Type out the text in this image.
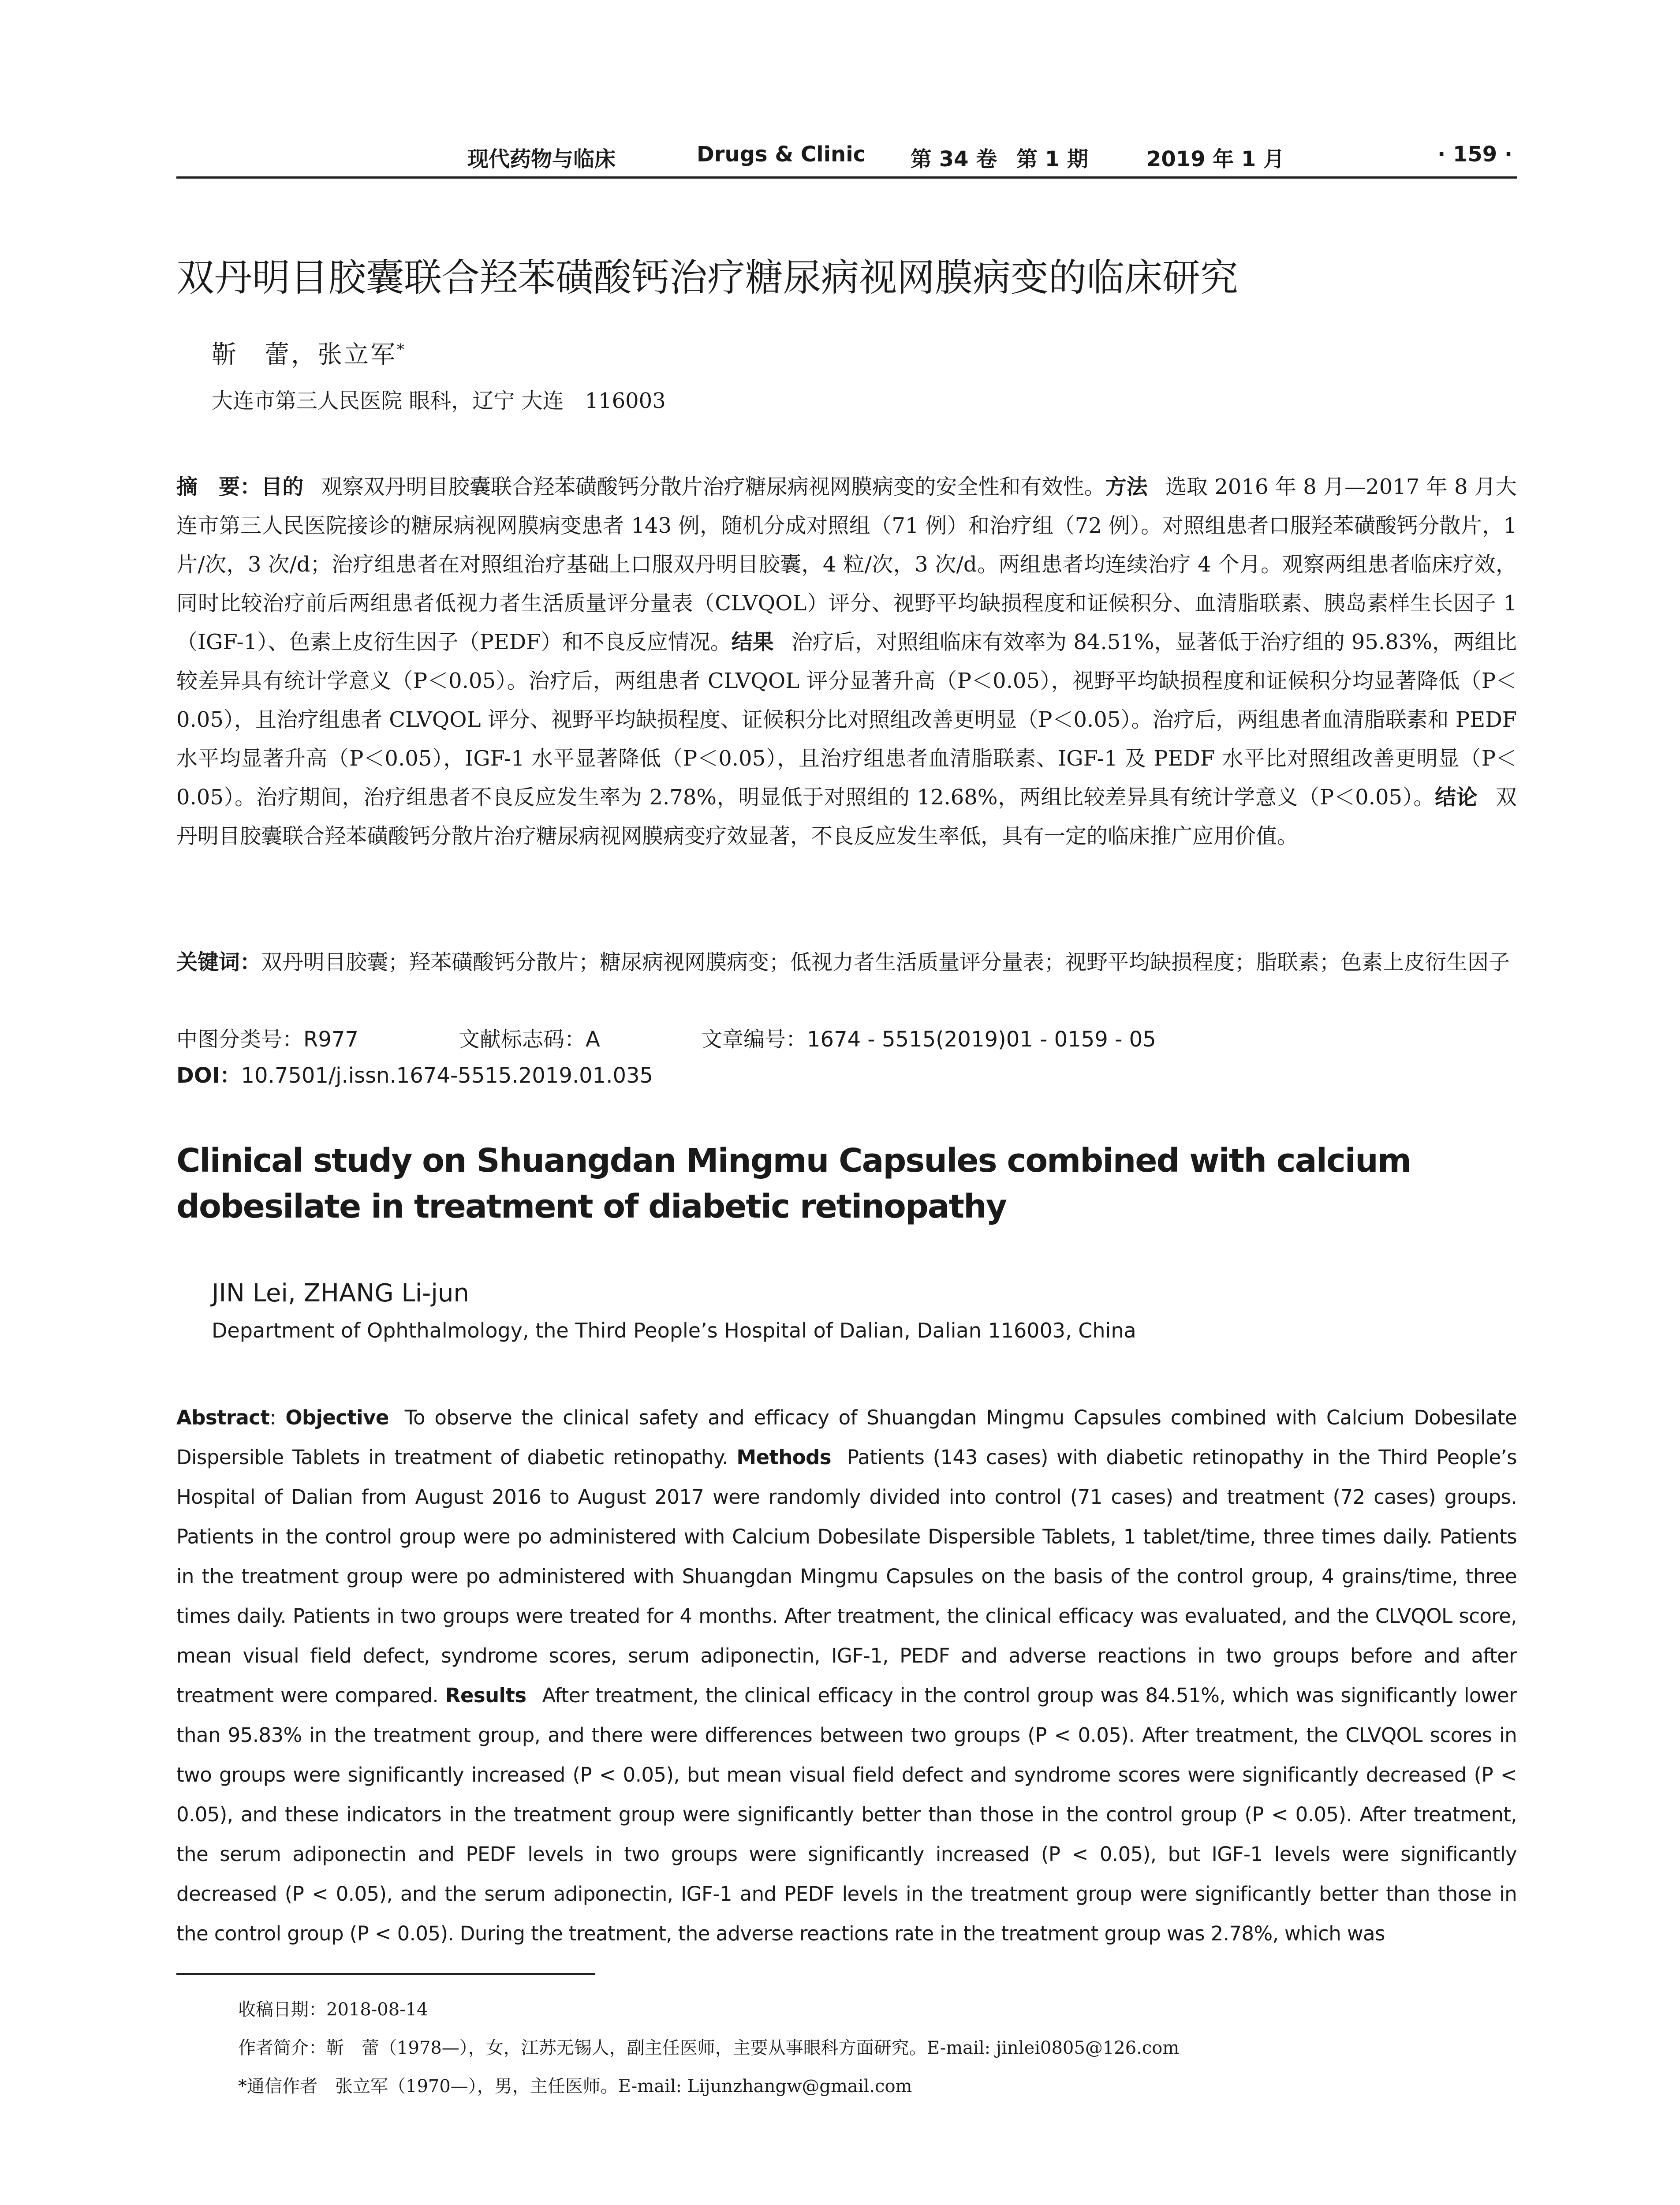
现代药物与临床	Drugs & Clinic 第 34 卷 第 1 期	2019 年 1 月	· 159 ·
双丹明目胶囊联合羟苯磺酸钙治疗糖尿病视网膜病变的临床研究
靳　蕾，张立军*
大连市第三人民医院 眼科，辽宁 大连　116003
摘　要：目的 观察双丹明目胶囊联合羟苯磺酸钙分散片治疗糖尿病视网膜病变的安全性和有效性。方法 选取 2016 年 8 月—2017 年 8 月大连市第三人民医院接诊的糖尿病视网膜病变患者 143 例，随机分成对照组（71 例）和治疗组（72 例）。对照组患者口服羟苯磺酸钙分散片，1 片/次，3 次/d；治疗组患者在对照组治疗基础上口服双丹明目胶囊，4 粒/次，3 次/d。两组患者均连续治疗 4 个月。观察两组患者临床疗效，同时比较治疗前后两组患者低视力者生活质量评分量表（CLVQOL）评分、视野平均缺损程度和证候积分、血清脂联素、胰岛素样生长因子 1（IGF-1）、色素上皮衍生因子（PEDF）和不良反应情况。结果 治疗后，对照组临床有效率为 84.51%，显著低于治疗组的 95.83%，两组比较差异具有统计学意义（P＜0.05）。治疗后，两组患者 CLVQOL 评分显著升高（P＜0.05），视野平均缺损程度和证候积分均显著降低（P＜0.05），且治疗组患者 CLVQOL 评分、视野平均缺损程度、证候积分比对照组改善更明显（P＜0.05）。治疗后，两组患者血清脂联素和 PEDF 水平均显著升高（P＜0.05），IGF-1 水平显著降低（P＜0.05），且治疗组患者血清脂联素、IGF-1 及 PEDF 水平比对照组改善更明显（P＜0.05）。治疗期间，治疗组患者不良反应发生率为 2.78%，明显低于对照组的 12.68%，两组比较差异具有统计学意义（P＜0.05）。结论 双丹明目胶囊联合羟苯磺酸钙分散片治疗糖尿病视网膜病变疗效显著，不良反应发生率低，具有一定的临床推广应用价值。
关键词：双丹明目胶囊；羟苯磺酸钙分散片；糖尿病视网膜病变；低视力者生活质量评分量表；视野平均缺损程度；脂联素；色素上皮衍生因子
中图分类号：R977	文献标志码：A	文章编号：1674 - 5515(2019)01 - 0159 - 05
DOI：10.7501/j.issn.1674-5515.2019.01.035
Clinical study on Shuangdan Mingmu Capsules combined with calcium dobesilate in treatment of diabetic retinopathy
JIN Lei, ZHANG Li-jun
Department of Ophthalmology, the Third People’s Hospital of Dalian, Dalian 116003, China
Abstract: Objective To observe the clinical safety and efficacy of Shuangdan Mingmu Capsules combined with Calcium Dobesilate Dispersible Tablets in treatment of diabetic retinopathy. Methods Patients (143 cases) with diabetic retinopathy in the Third People’s Hospital of Dalian from August 2016 to August 2017 were randomly divided into control (71 cases) and treatment (72 cases) groups. Patients in the control group were po administered with Calcium Dobesilate Dispersible Tablets, 1 tablet/time, three times daily. Patients in the treatment group were po administered with Shuangdan Mingmu Capsules on the basis of the control group, 4 grains/time, three times daily. Patients in two groups were treated for 4 months. After treatment, the clinical efficacy was evaluated, and the CLVQOL score, mean visual field defect, syndrome scores, serum adiponectin, IGF-1, PEDF and adverse reactions in two groups before and after treatment were compared. Results After treatment, the clinical efficacy in the control group was 84.51%, which was significantly lower than 95.83% in the treatment group, and there were differences between two groups (P < 0.05). After treatment, the CLVQOL scores in two groups were significantly increased (P < 0.05), but mean visual field defect and syndrome scores were significantly decreased (P < 0.05), and these indicators in the treatment group were significantly better than those in the control group (P < 0.05). After treatment, the serum adiponectin and PEDF levels in two groups were significantly increased (P < 0.05), but IGF-1 levels were significantly decreased (P < 0.05), and the serum adiponectin, IGF-1 and PEDF levels in the treatment group were significantly better than those in the control group (P < 0.05). During the treatment, the adverse reactions rate in the treatment group was 2.78%, which was
收稿日期：2018-08-14
作者简介：靳　蕾（1978—），女，江苏无锡人，副主任医师，主要从事眼科方面研究。E-mail: jinlei0805@126.com
*通信作者　张立军（1970—），男，主任医师。E-mail: Lijunzhangw@gmail.com
